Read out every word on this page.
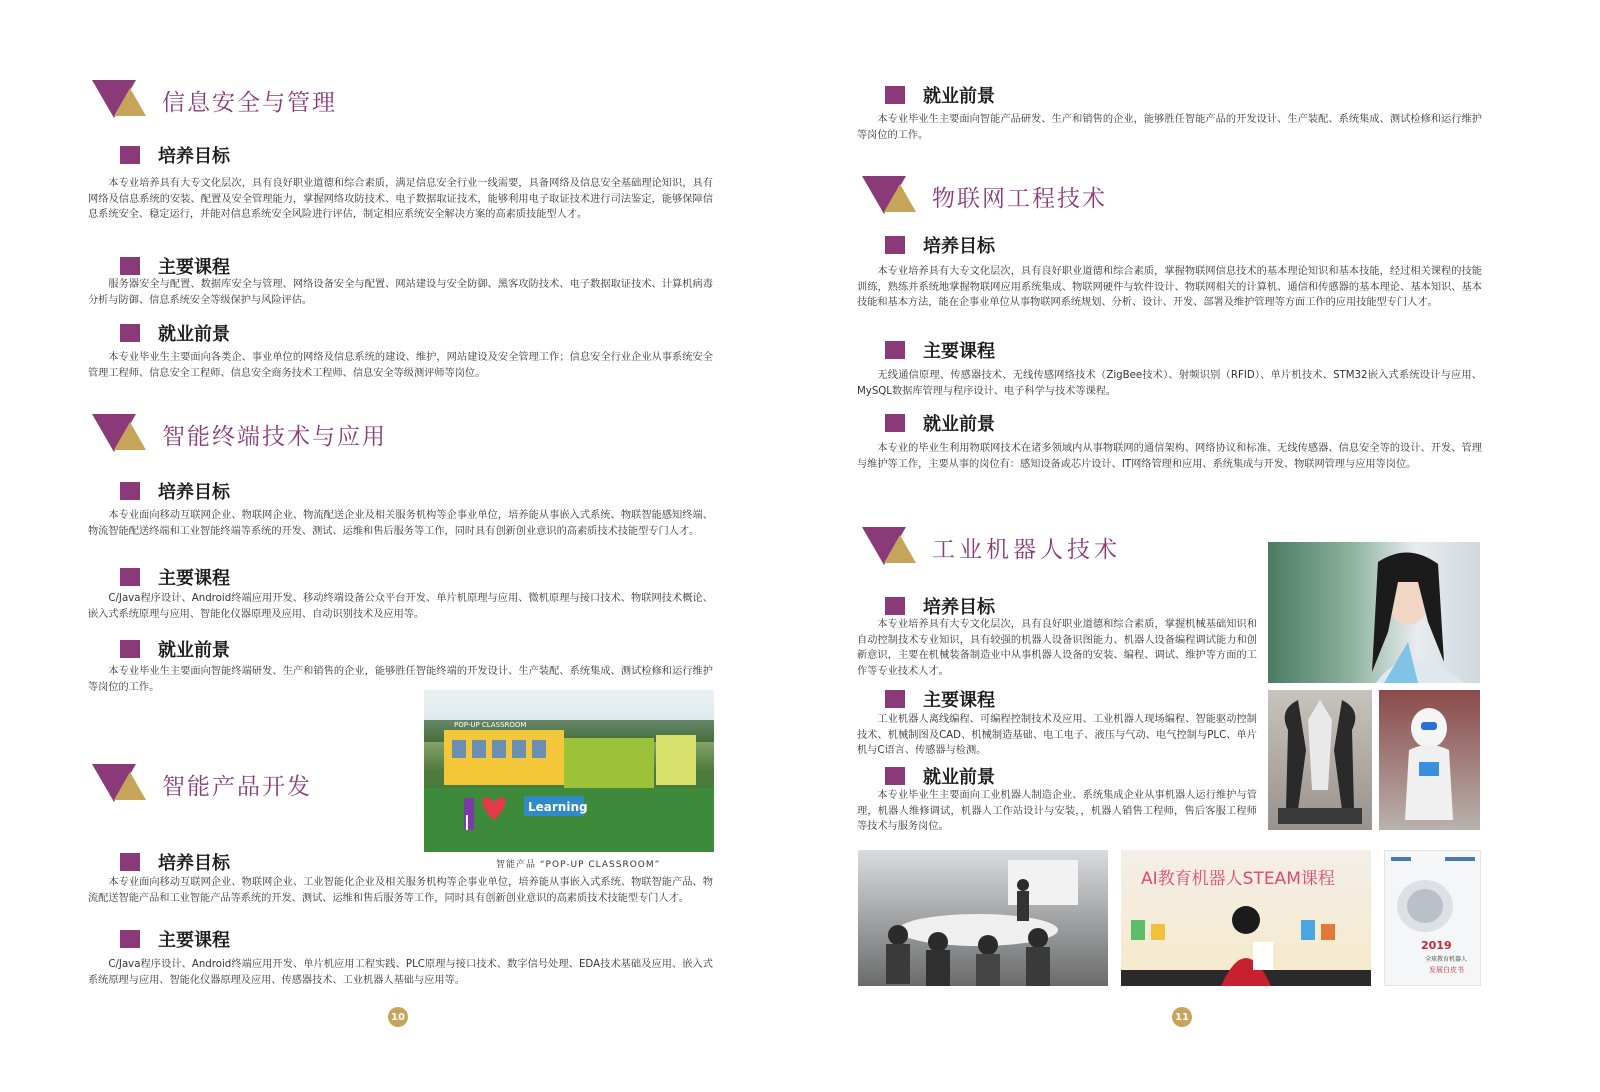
信息安全与管理
培养目标
本专业培养具有大专文化层次，具有良好职业道德和综合素质，满足信息安全行业一线需要，具备网络及信息安全基础理论知识，具有网络及信息系统的安装、配置及安全管理能力，掌握网络攻防技术、电子数据取证技术，能够利用电子取证技术进行司法鉴定，能够保障信息系统安全、稳定运行，并能对信息系统安全风险进行评估，制定相应系统安全解决方案的高素质技能型人才。
主要课程
服务器安全与配置、数据库安全与管理、网络设备安全与配置、网站建设与安全防御、黑客攻防技术、电子数据取证技术、计算机病毒分析与防御、信息系统安全等级保护与风险评估。
就业前景
本专业毕业生主要面向各类企、事业单位的网络及信息系统的建设、维护，网站建设及安全管理工作；信息安全行业企业从事系统安全管理工程师、信息安全工程师、信息安全商务技术工程师、信息安全等级测评师等岗位。
智能终端技术与应用
培养目标
本专业面向移动互联网企业、物联网企业、物流配送企业及相关服务机构等企事业单位，培养能从事嵌入式系统、物联智能感知终端、物流智能配送终端和工业智能终端等系统的开发、测试、运维和售后服务等工作，同时具有创新创业意识的高素质技术技能型专门人才。
主要课程
C/Java程序设计、Android终端应用开发、移动终端设备公众平台开发、单片机原理与应用、微机原理与接口技术、物联网技术概论、嵌入式系统原理与应用、智能化仪器原理及应用、自动识别技术及应用等。
就业前景
本专业毕业生主要面向智能终端研发、生产和销售的企业，能够胜任智能终端的开发设计、生产装配、系统集成、测试检修和运行维护等岗位的工作。
POP-UP CLASSROOM
I
Learning
智能产品 “POP-UP CLASSROOM”
智能产品开发
培养目标
本专业面向移动互联网企业、物联网企业、工业智能化企业及相关服务机构等企事业单位，培养能从事嵌入式系统、物联智能产品、物流配送智能产品和工业智能产品等系统的开发、测试、运维和售后服务等工作，同时具有创新创业意识的高素质技术技能型专门人才。
主要课程
C/Java程序设计、Android终端应用开发、单片机应用工程实践、PLC原理与接口技术、数字信号处理、EDA技术基础及应用、嵌入式系统原理与应用、智能化仪器原理及应用、传感器技术、工业机器人基础与应用等。
10
就业前景
本专业毕业生主要面向智能产品研发、生产和销售的企业，能够胜任智能产品的开发设计、生产装配、系统集成、测试检修和运行维护等岗位的工作。
物联网工程技术
培养目标
本专业培养具有大专文化层次，具有良好职业道德和综合素质，掌握物联网信息技术的基本理论知识和基本技能，经过相关课程的技能训练，熟练并系统地掌握物联网应用系统集成、物联网硬件与软件设计、物联网相关的计算机、通信和传感器的基本理论、基本知识、基本技能和基本方法，能在企事业单位从事物联网系统规划、分析、设计、开发、部署及维护管理等方面工作的应用技能型专门人才。
主要课程
无线通信原理、传感器技术、无线传感网络技术（ZigBee技术）、射频识别（RFID）、单片机技术、STM32嵌入式系统设计与应用、MySQL数据库管理与程序设计、电子科学与技术等课程。
就业前景
本专业的毕业生利用物联网技术在诸多领域内从事物联网的通信架构、网络协议和标准、无线传感器、信息安全等的设计、开发、管理与维护等工作，主要从事的岗位有：感知设备或芯片设计、IT网络管理和应用、系统集成与开发、物联网管理与应用等岗位。
工业机器人技术
培养目标
本专业培养具有大专文化层次，具有良好职业道德和综合素质，掌握机械基础知识和自动控制技术专业知识，具有较强的机器人设备识图能力、机器人设备编程调试能力和创新意识，主要在机械装备制造业中从事机器人设备的安装、编程、调试、维护等方面的工作等专业技术人才。
主要课程
工业机器人离线编程、可编程控制技术及应用、工业机器人现场编程、智能驱动控制技术、机械制图及CAD、机械制造基础、电工电子、液压与气动、电气控制与PLC、单片机与C语言、传感器与检测。
就业前景
本专业毕业生主要面向工业机器人制造企业、系统集成企业从事机器人运行维护与管理，机器人维修调试，机器人工作站设计与安装，，机器人销售工程师，售后客服工程师等技术与服务岗位。
AI教育机器人STEAM课程
2019
全球教育机器人
发展白皮书
11
